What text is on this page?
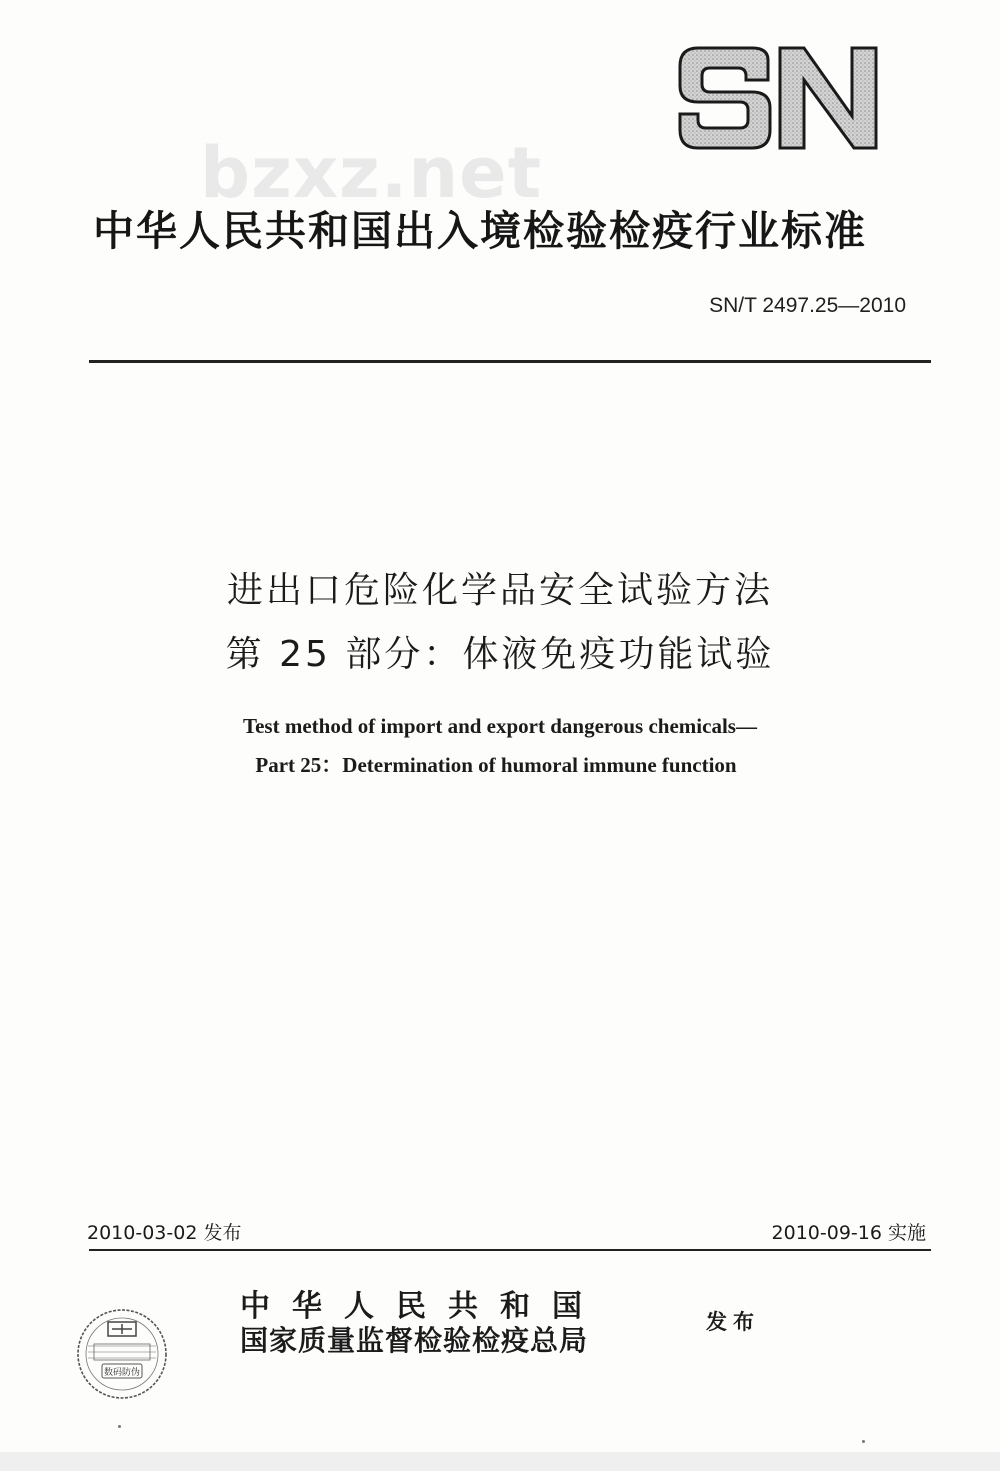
bzxz.net
中华人民共和国出入境检验检疫行业标准
SN/T 2497.25—2010
进出口危险化学品安全试验方法
第 25 部分：体液免疫功能试验
Test method of import and export dangerous chemicals—
Part 25：Determination of humoral immune function
2010-03-02 发布	2010-09-16 实施
数码防伪
中华人民共和国
国家质量监督检验检疫总局
发布
